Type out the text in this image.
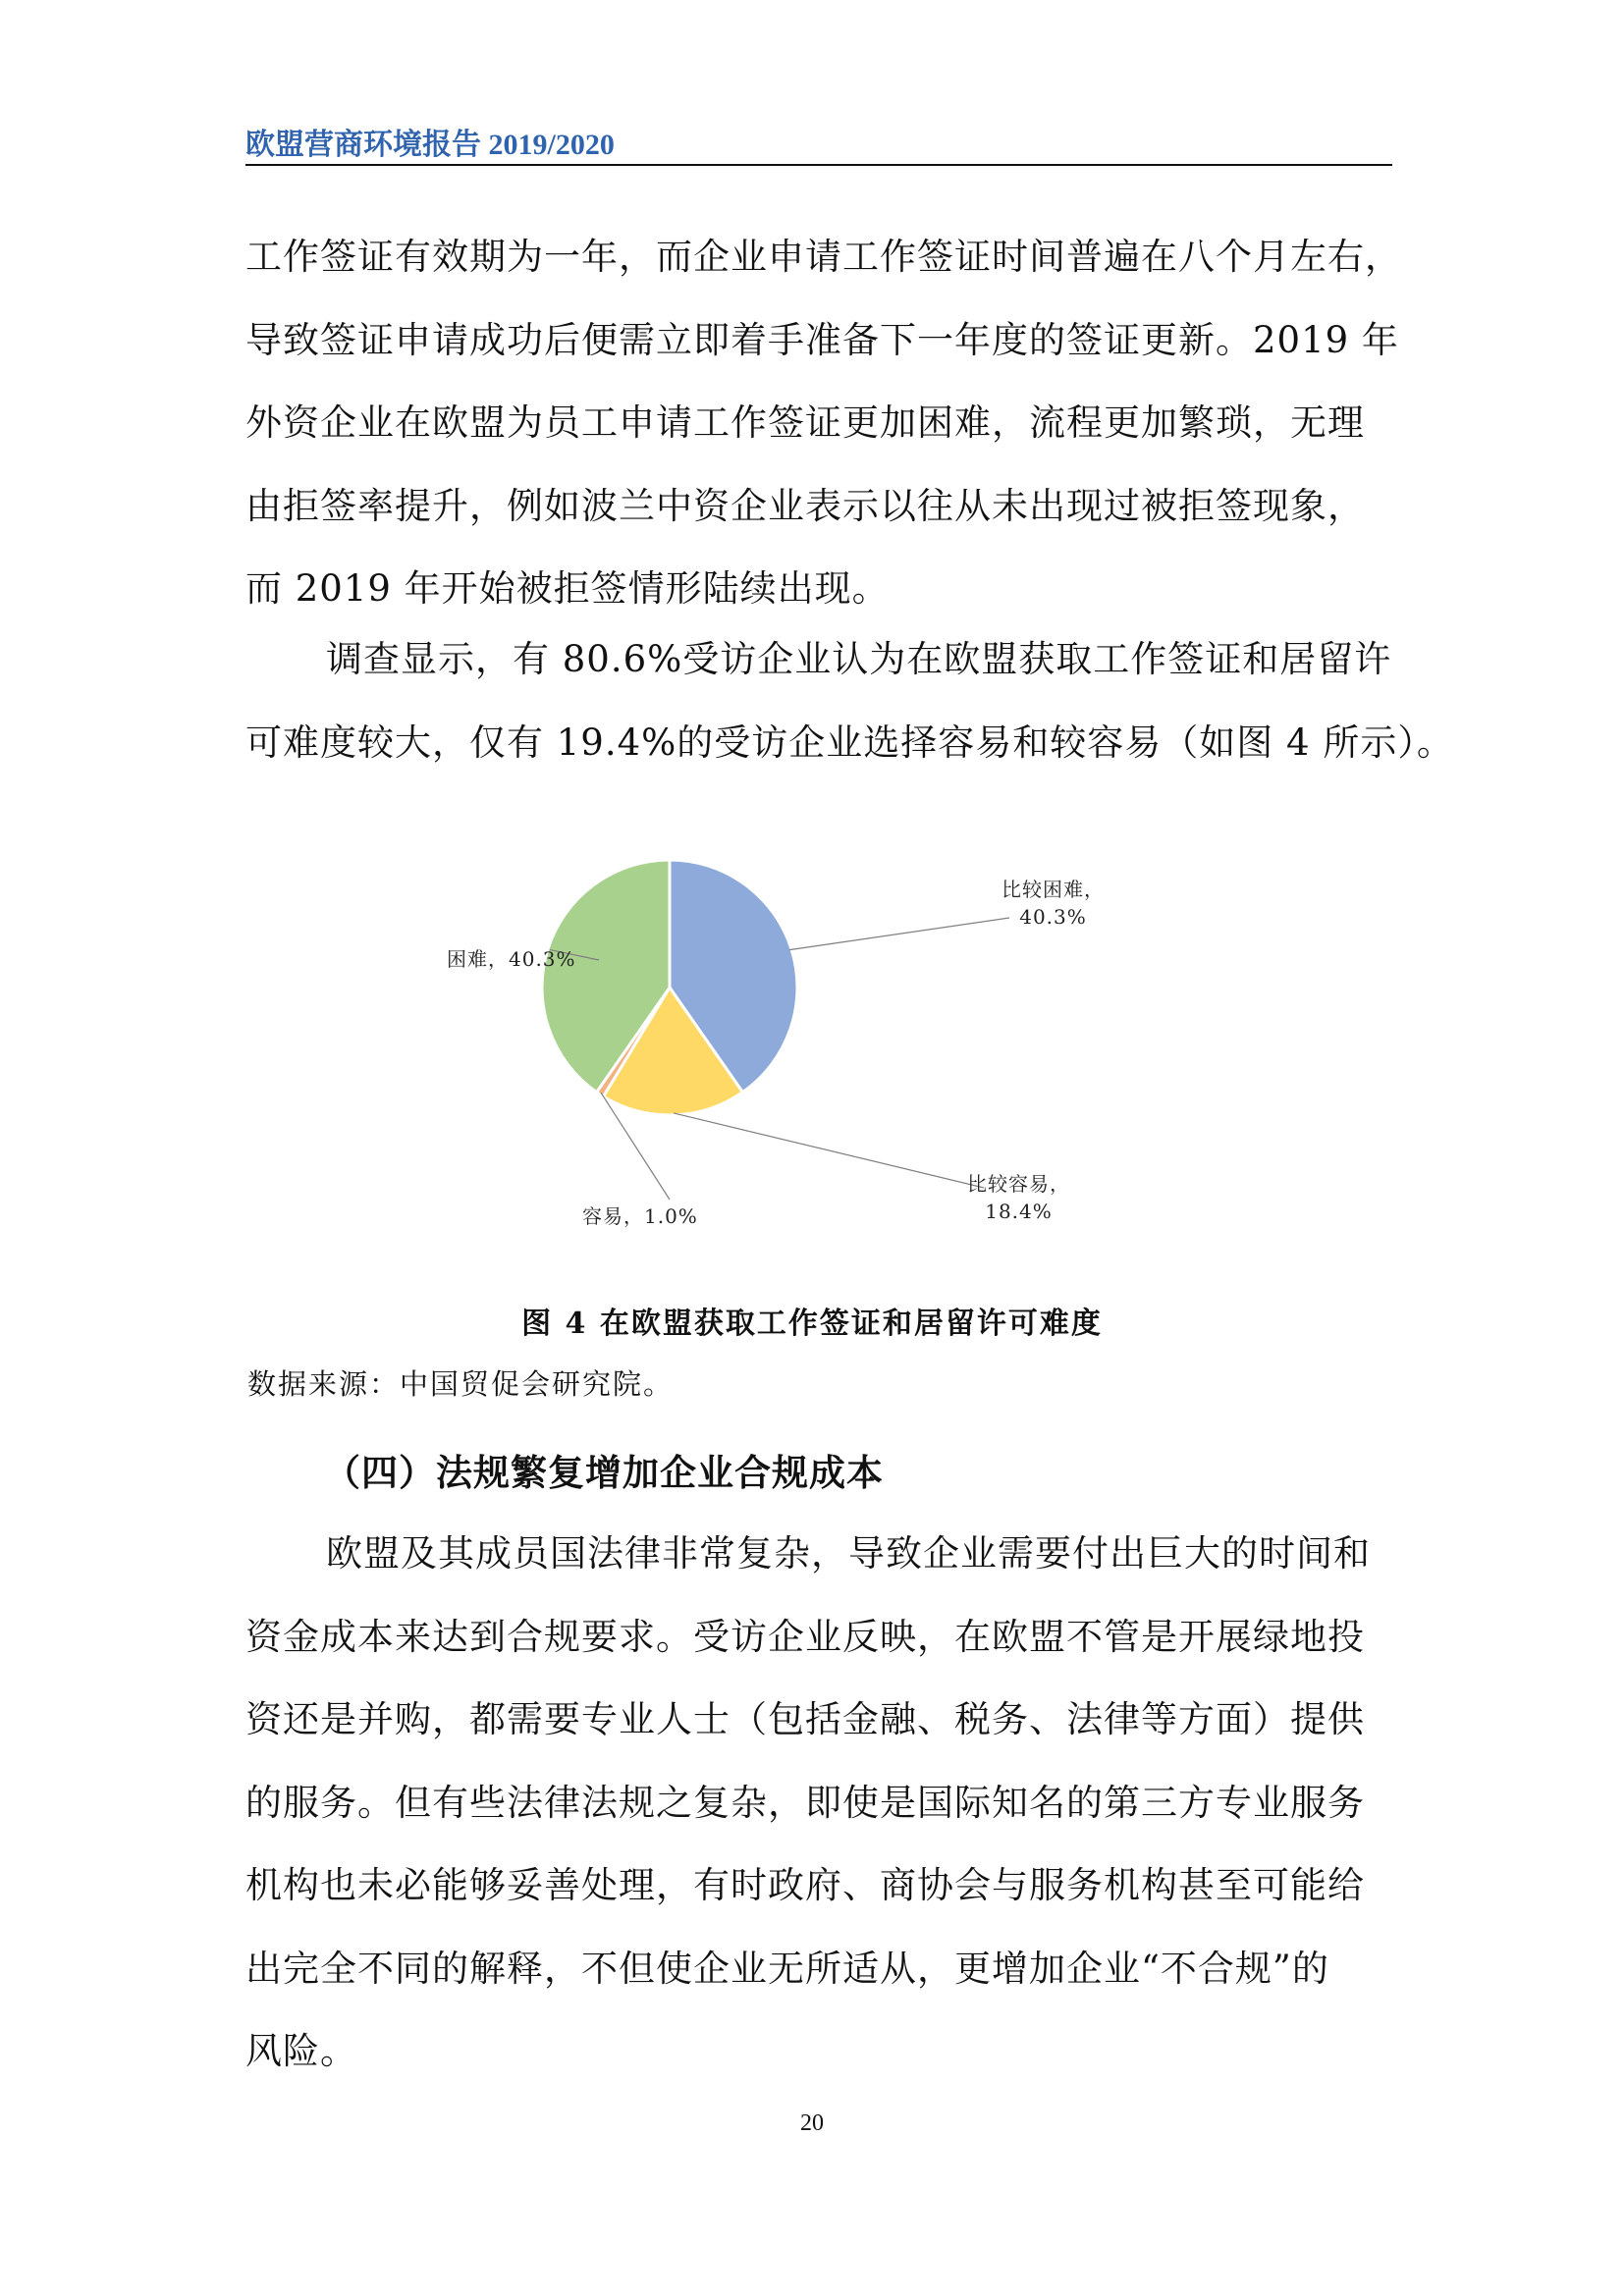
欧盟营商环境报告 2019/2020
工作签证有效期为一年，而企业申请工作签证时间普遍在八个月左右，
导致签证申请成功后便需立即着手准备下一年度的签证更新。2019 年
外资企业在欧盟为员工申请工作签证更加困难，流程更加繁琐，无理
由拒签率提升，例如波兰中资企业表示以往从未出现过被拒签现象，
而 2019 年开始被拒签情形陆续出现。
调查显示，有 80.6%受访企业认为在欧盟获取工作签证和居留许
可难度较大，仅有 19.4%的受访企业选择容易和较容易（如图 4 所示）。
比较困难，
40.3%
比较容易，
18.4%
容易，1.0%
困难，40.3%
图 4 在欧盟获取工作签证和居留许可难度
数据来源：中国贸促会研究院。
（四）法规繁复增加企业合规成本
欧盟及其成员国法律非常复杂，导致企业需要付出巨大的时间和
资金成本来达到合规要求。受访企业反映，在欧盟不管是开展绿地投
资还是并购，都需要专业人士（包括金融、税务、法律等方面）提供
的服务。但有些法律法规之复杂，即使是国际知名的第三方专业服务
机构也未必能够妥善处理，有时政府、商协会与服务机构甚至可能给
出完全不同的解释，不但使企业无所适从，更增加企业“不合规”的
风险。
20
